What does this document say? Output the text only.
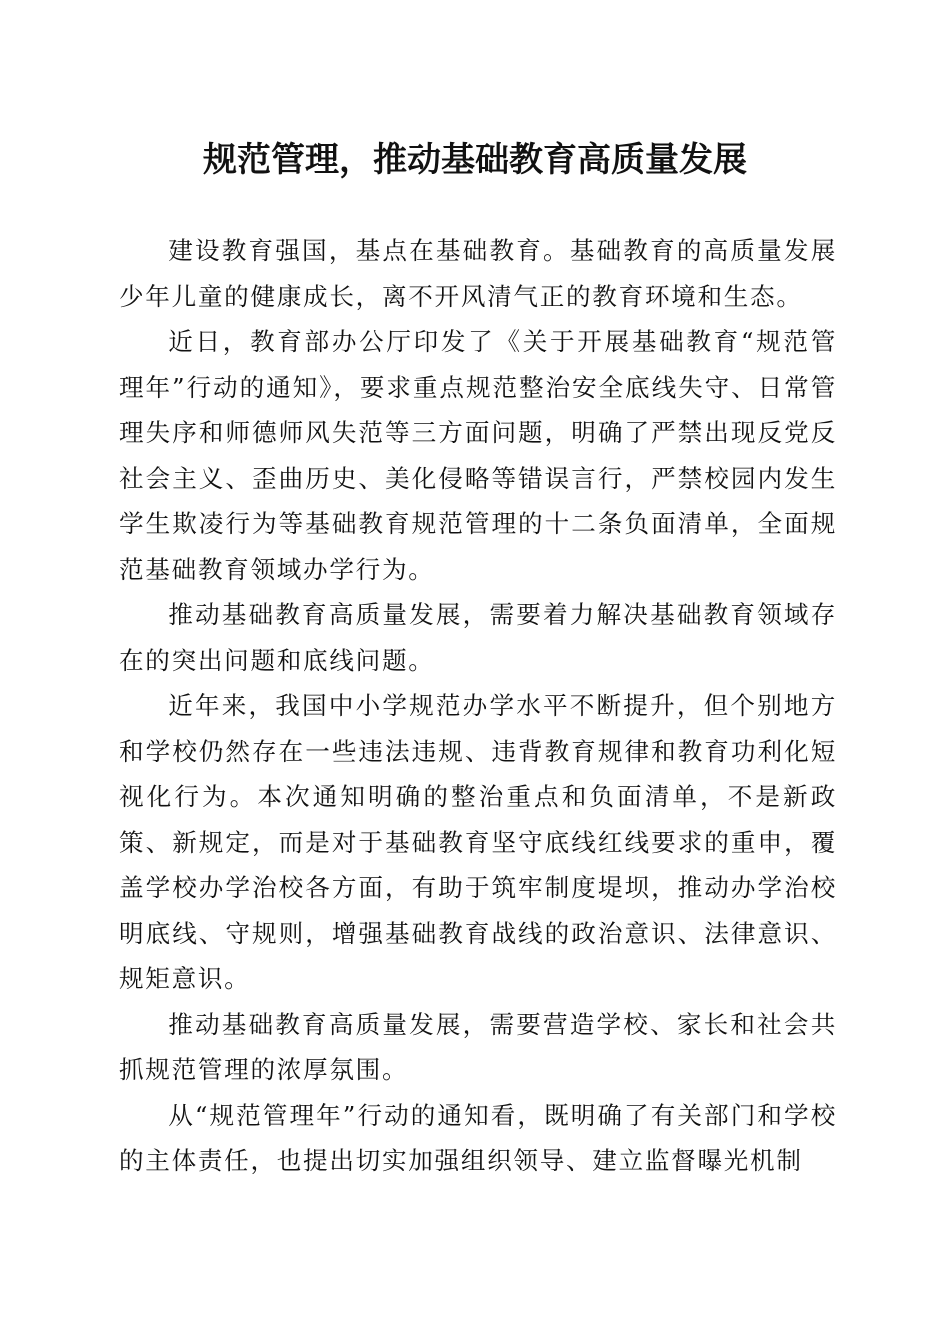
规范管理，推动基础教育高质量发展

建设教育强国，基点在基础教育。基础教育的高质量发展少年儿童的健康成长，离不开风清气正的教育环境和生态。

近日，教育部办公厅印发了《关于开展基础教育“规范管理年”行动的通知》，要求重点规范整治安全底线失守、日常管理失序和师德师风失范等三方面问题，明确了严禁出现反党反社会主义、歪曲历史、美化侵略等错误言行，严禁校园内发生学生欺凌行为等基础教育规范管理的十二条负面清单，全面规范基础教育领域办学行为。

推动基础教育高质量发展，需要着力解决基础教育领域存在的突出问题和底线问题。

近年来，我国中小学规范办学水平不断提升，但个别地方和学校仍然存在一些违法违规、违背教育规律和教育功利化短视化行为。本次通知明确的整治重点和负面清单，不是新政策、新规定，而是对于基础教育坚守底线红线要求的重申，覆盖学校办学治校各方面，有助于筑牢制度堤坝，推动办学治校明底线、守规则，增强基础教育战线的政治意识、法律意识、规矩意识。

推动基础教育高质量发展，需要营造学校、家长和社会共抓规范管理的浓厚氛围。

从“规范管理年”行动的通知看，既明确了有关部门和学校的主体责任，也提出切实加强组织领导、建立监督曝光机制
